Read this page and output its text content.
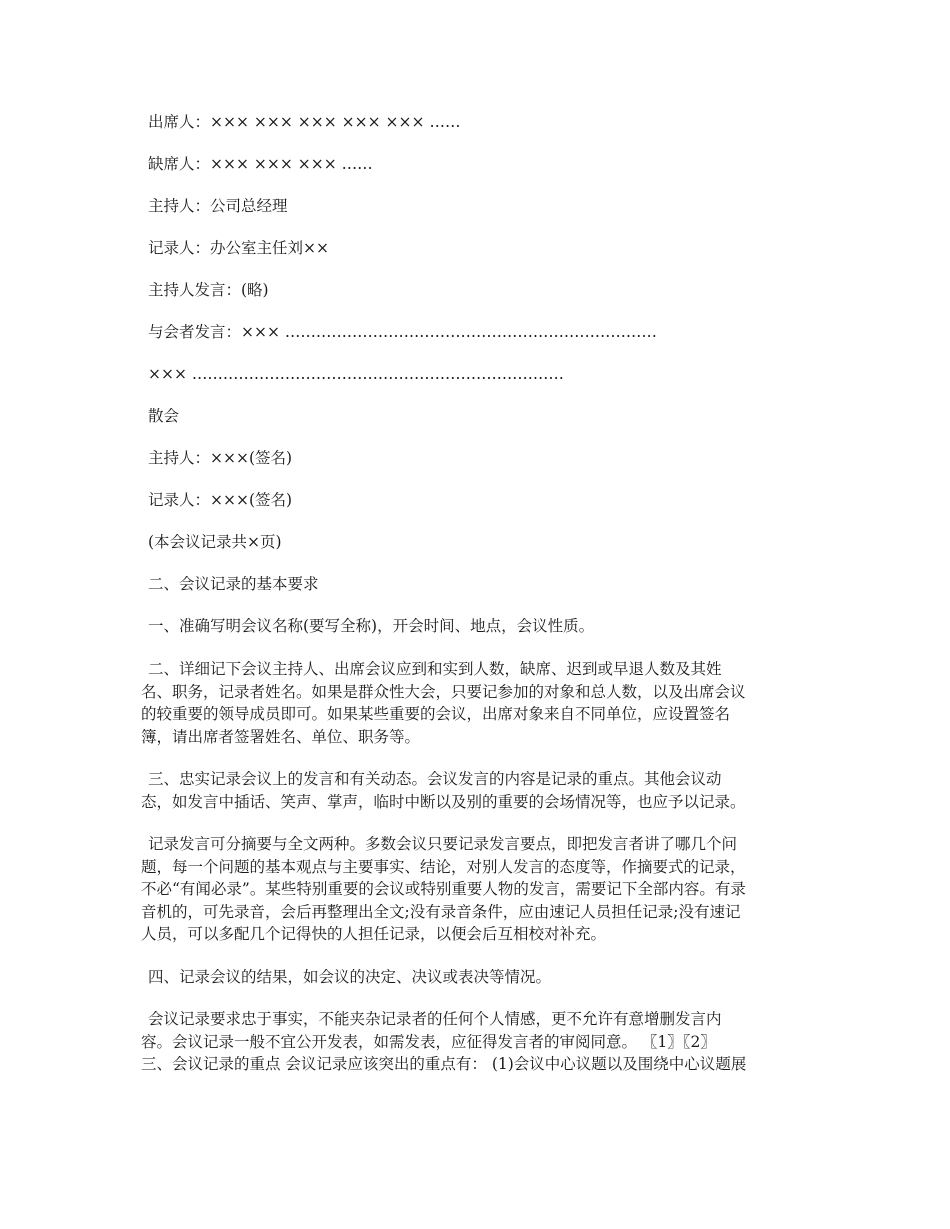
出席人：××× ××× ××× ××× ××× ……
缺席人：××× ××× ××× ……
主持人：公司总经理
记录人：办公室主任刘××
主持人发言：(略)
与会者发言：××× ………………………………………………………………
××× ………………………………………………………………
散会
主持人：×××(签名)
记录人：×××(签名)
(本会议记录共×页)
二、会议记录的基本要求
一、准确写明会议名称(要写全称)，开会时间、地点，会议性质。
二、详细记下会议主持人、出席会议应到和实到人数，缺席、迟到或早退人数及其姓
名、职务，记录者姓名。如果是群众性大会，只要记参加的对象和总人数，以及出席会议
的较重要的领导成员即可。如果某些重要的会议，出席对象来自不同单位，应设置签名
簿，请出席者签署姓名、单位、职务等。
三、忠实记录会议上的发言和有关动态。会议发言的内容是记录的重点。其他会议动
态，如发言中插话、笑声、掌声，临时中断以及别的重要的会场情况等，也应予以记录。
记录发言可分摘要与全文两种。多数会议只要记录发言要点，即把发言者讲了哪几个问
题，每一个问题的基本观点与主要事实、结论，对别人发言的态度等，作摘要式的记录，
不必“有闻必录”。某些特别重要的会议或特别重要人物的发言，需要记下全部内容。有录
音机的，可先录音，会后再整理出全文;没有录音条件，应由速记人员担任记录;没有速记
人员，可以多配几个记得快的人担任记录，以便会后互相校对补充。
四、记录会议的结果，如会议的决定、决议或表决等情况。
会议记录要求忠于事实，不能夹杂记录者的任何个人情感，更不允许有意增删发言内
容。会议记录一般不宜公开发表，如需发表，应征得发言者的审阅同意。 〖1〗〖2〗
三、会议记录的重点 会议记录应该突出的重点有： (1)会议中心议题以及围绕中心议题展
